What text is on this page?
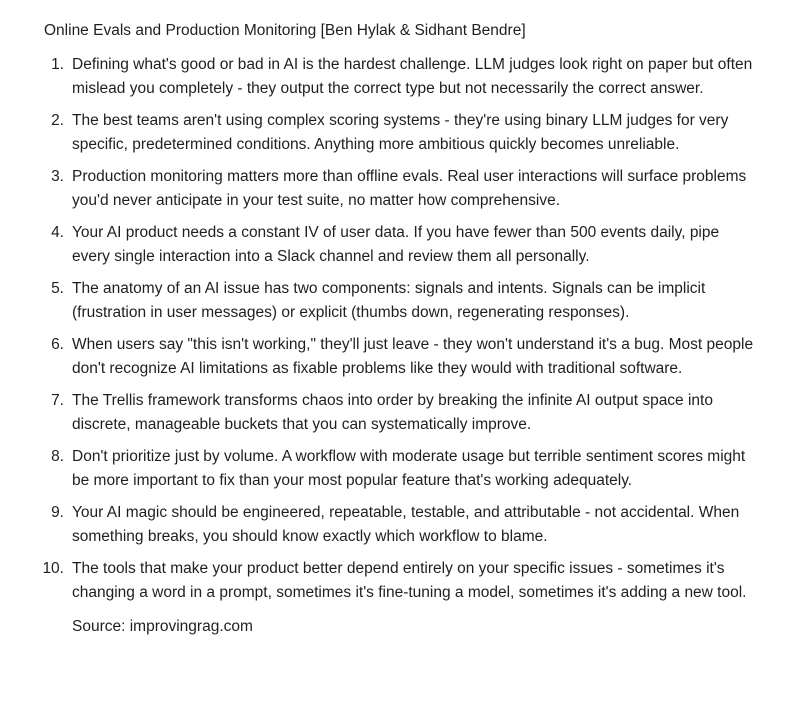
Online Evals and Production Monitoring [Ben Hylak & Sidhant Bendre]

1. Defining what's good or bad in AI is the hardest challenge. LLM judges look right on paper but often mislead you completely - they output the correct type but not necessarily the correct answer.
2. The best teams aren't using complex scoring systems - they're using binary LLM judges for very specific, predetermined conditions. Anything more ambitious quickly becomes unreliable.
3. Production monitoring matters more than offline evals. Real user interactions will surface problems you'd never anticipate in your test suite, no matter how comprehensive.
4. Your AI product needs a constant IV of user data. If you have fewer than 500 events daily, pipe every single interaction into a Slack channel and review them all personally.
5. The anatomy of an AI issue has two components: signals and intents. Signals can be implicit (frustration in user messages) or explicit (thumbs down, regenerating responses).
6. When users say "this isn't working," they'll just leave - they won't understand it's a bug. Most people don't recognize AI limitations as fixable problems like they would with traditional software.
7. The Trellis framework transforms chaos into order by breaking the infinite AI output space into discrete, manageable buckets that you can systematically improve.
8. Don't prioritize just by volume. A workflow with moderate usage but terrible sentiment scores might be more important to fix than your most popular feature that's working adequately.
9. Your AI magic should be engineered, repeatable, testable, and attributable - not accidental. When something breaks, you should know exactly which workflow to blame.
10. The tools that make your product better depend entirely on your specific issues - sometimes it's changing a word in a prompt, sometimes it's fine-tuning a model, sometimes it's adding a new tool.
Source: improvingrag.com
